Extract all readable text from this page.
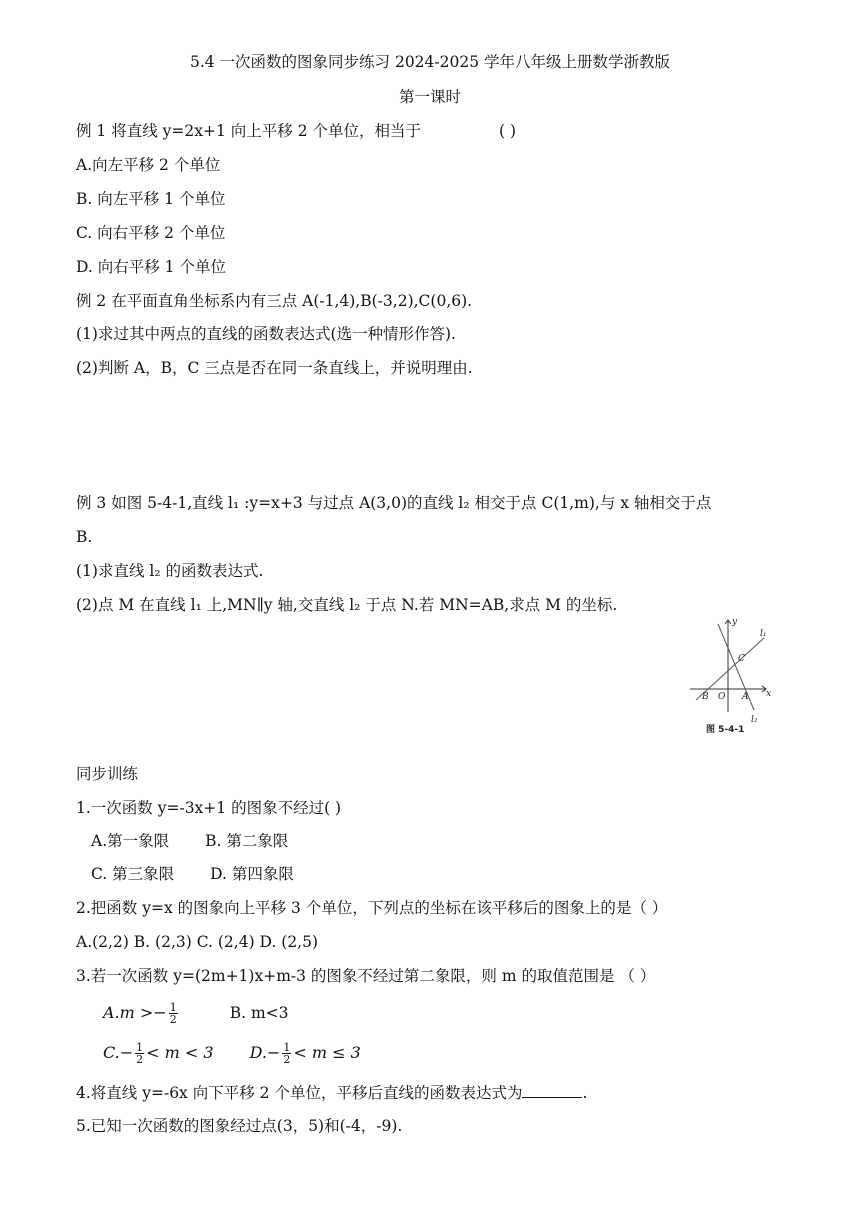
5.4 一次函数的图象同步练习 2024-2025 学年八年级上册数学浙教版
第一课时
例 1 将直线 y=2x+1 向上平移 2 个单位，相当于	( )
A.向左平移 2 个单位
B. 向左平移 1 个单位
C. 向右平移 2 个单位
D. 向右平移 1 个单位
例 2 在平面直角坐标系内有三点 A(-1,4),B(-3,2),C(0,6).
(1)求过其中两点的直线的函数表达式(选一种情形作答).
(2)判断 A，B，C 三点是否在同一条直线上，并说明理由.
例 3 如图 5-4-1,直线 l₁ :y=x+3 与过点 A(3,0)的直线 l₂ 相交于点 C(1,m),与 x 轴相交于点
B.
(1)求直线 l₂ 的函数表达式.
(2)点 M 在直线 l₁ 上,MN∥y 轴,交直线 l₂ 于点 N.若 MN=AB,求点 M 的坐标.
y
x
l₁
l₂
C
B O A
图 5-4-1
同步训练
1.一次函数 y=-3x+1 的图象不经过( )
A.第一象限 B. 第二象限
C. 第三象限 D. 第四象限
2.把函数 y=x 的图象向上平移 3 个单位，下列点的坐标在该平移后的图象上的是（ ）
A.(2,2) B. (2,3) C. (2,4) D. (2,5)
3.若一次函数 y=(2m+1)x+m-3 的图象不经过第二象限，则 m 的取值范围是 （ ）
$A.m >- \frac{1}{2}$	B. m<3
$C.- \frac{1}{2} < m < 3$ $D.- \frac{1}{2} < m \le 3$
4.将直线 y=-6x 向下平移 2 个单位，平移后直线的函数表达式为	.
5.已知一次函数的图象经过点(3，5)和(-4，-9).
